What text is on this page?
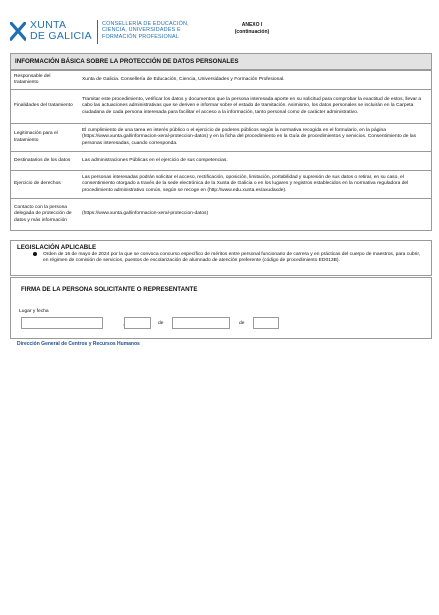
XUNTA
DE GALICIA
CONSELLERÍA DE EDUCACIÓN,
CIENCIA, UNIVERSIDADES E
FORMACIÓN PROFESIONAL
ANEXO I
(continuación)
INFORMACIÓN BÁSICA SOBRE LA PROTECCIÓN DE DATOS PERSONALES
Responsable del tratamiento
Xunta de Galicia. Consellería de Educación, Ciencia, Universidades y Formación Profesional.
Finalidades del tratamiento
Tramitar este procedimiento, verificar los datos y documentos que la persona interesada aporte en su solicitud para comprobar la exactitud de estos, llevar a cabo las actuaciones administrativas que se deriven e informar sobre el estado de tramitación. Asimismo, los datos personales se incluirán en la Carpeta ciudadana de cada persona interesada para facilitar el acceso a la información, tanto personal como de carácter administrativo.
Legitimación para el tratamiento
El cumplimiento de una tarea en interés público o el ejercicio de poderes públicos según la normativa recogida en el formulario, en la página (https://www.xunta.gal/informacion-xeral-proteccion-datos) y en la ficha del procedimiento en la Guía de procedimientos y servicios. Consentimiento de las personas interesadas, cuando corresponda.
Destinatarios de los datos	Las administraciones Públicas en el ejercicio de sus competencias.
Ejercicio de derechos
Las personas interesadas podrán solicitar el acceso, rectificación, oposición, limitación, portabilidad y supresión de sus datos o retirar, en su caso, el consentimiento otorgado a través de la sede electrónica de la Xunta de Galicia o en los lugares y registros establecidos en la normativa reguladora del procedimiento administrativo común, según se recoge en (http://www.edu.xunta.es/axudaxde).
Contacto con la persona delegada de protección de datos y más información
(https://www.xunta.gal/informacion-xeral-proteccion-datos)
LEGISLACIÓN APLICABLE
Orden de 16 de mayo de 2024 por la que se convoca concurso específico de méritos entre personal funcionario de carrera y en prácticas del cuerpo de maestros, para cubrir, en régimen de comisión de servicios, puestos de escolarización de alumnado de atención preferente (código de procedimiento ED013B).
FIRMA DE LA PERSONA SOLICITANTE O REPRESENTANTE
Lugar y fecha
de	de
Dirección General de Centros y Recursos Humanos
